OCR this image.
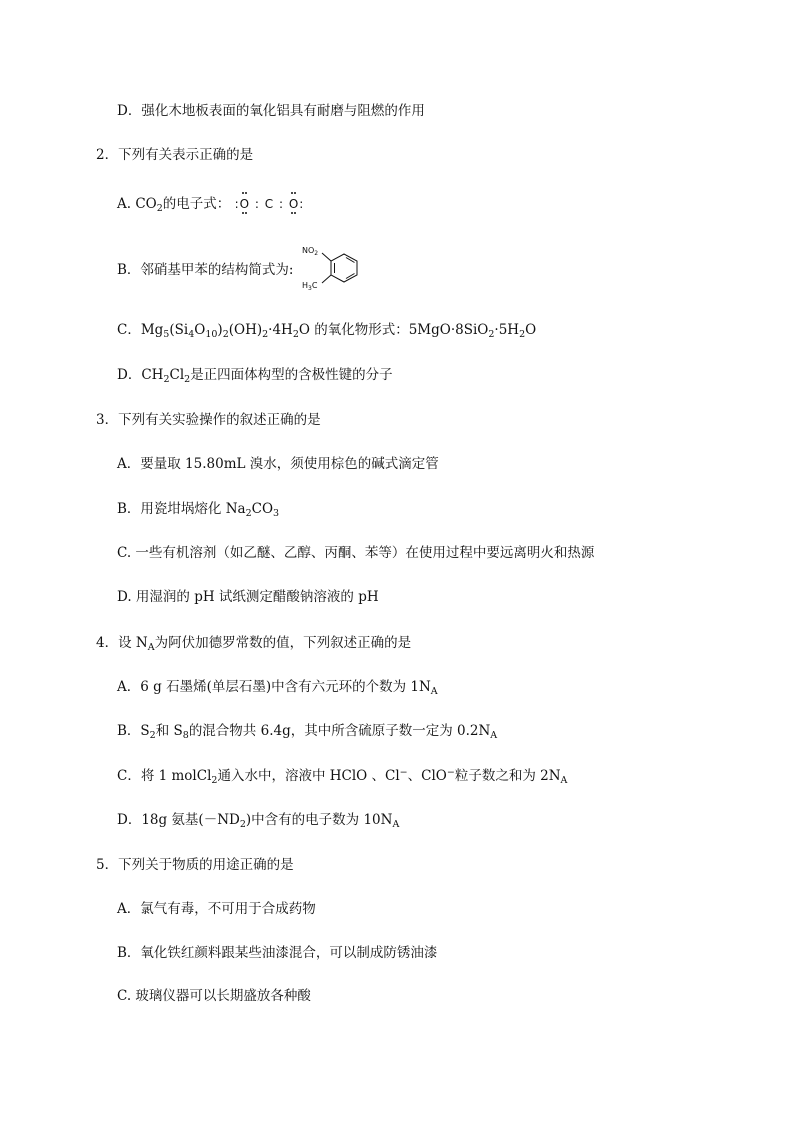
D．强化木地板表面的氧化铝具有耐磨与阻燃的作用
2．下列有关表示正确的是
A. $CO_2$的电子式： :O : C : O:
B．邻硝基甲苯的结构简式为:
$NO_2$
$H_3C$
C．$Mg_5(Si_4O_{10})_2(OH)_2\cdot 4H_2O$ 的氧化物形式：$5MgO\cdot 8SiO_2\cdot 5H_2O$
D．$CH_2Cl_2$是正四面体构型的含极性键的分子
3．下列有关实验操作的叙述正确的是
A．要量取 15.80mL 溴水，须使用棕色的碱式滴定管
B．用瓷坩埚熔化 $Na_2CO_3$
C. 一些有机溶剂（如乙醚、乙醇、丙酮、苯等）在使用过程中要远离明火和热源
D. 用湿润的 pH 试纸测定醋酸钠溶液的 pH
4．设 $N_A$为阿伏加德罗常数的值，下列叙述正确的是
A．6 g 石墨烯(单层石墨)中含有六元环的个数为 $1N_A$
B．$S_2$和 $S_8$的混合物共 6.4g，其中所含硫原子数一定为 $0.2N_A$
C．将 1 molCl$_2$通入水中，溶液中 HClO 、Cl−、ClO−粒子数之和为 $2N_A$
D．18g 氨基$(-ND_2)$中含有的电子数为 $10N_A$
5．下列关于物质的用途正确的是
A．氯气有毒，不可用于合成药物
B．氧化铁红颜料跟某些油漆混合，可以制成防锈油漆
C. 玻璃仪器可以长期盛放各种酸
